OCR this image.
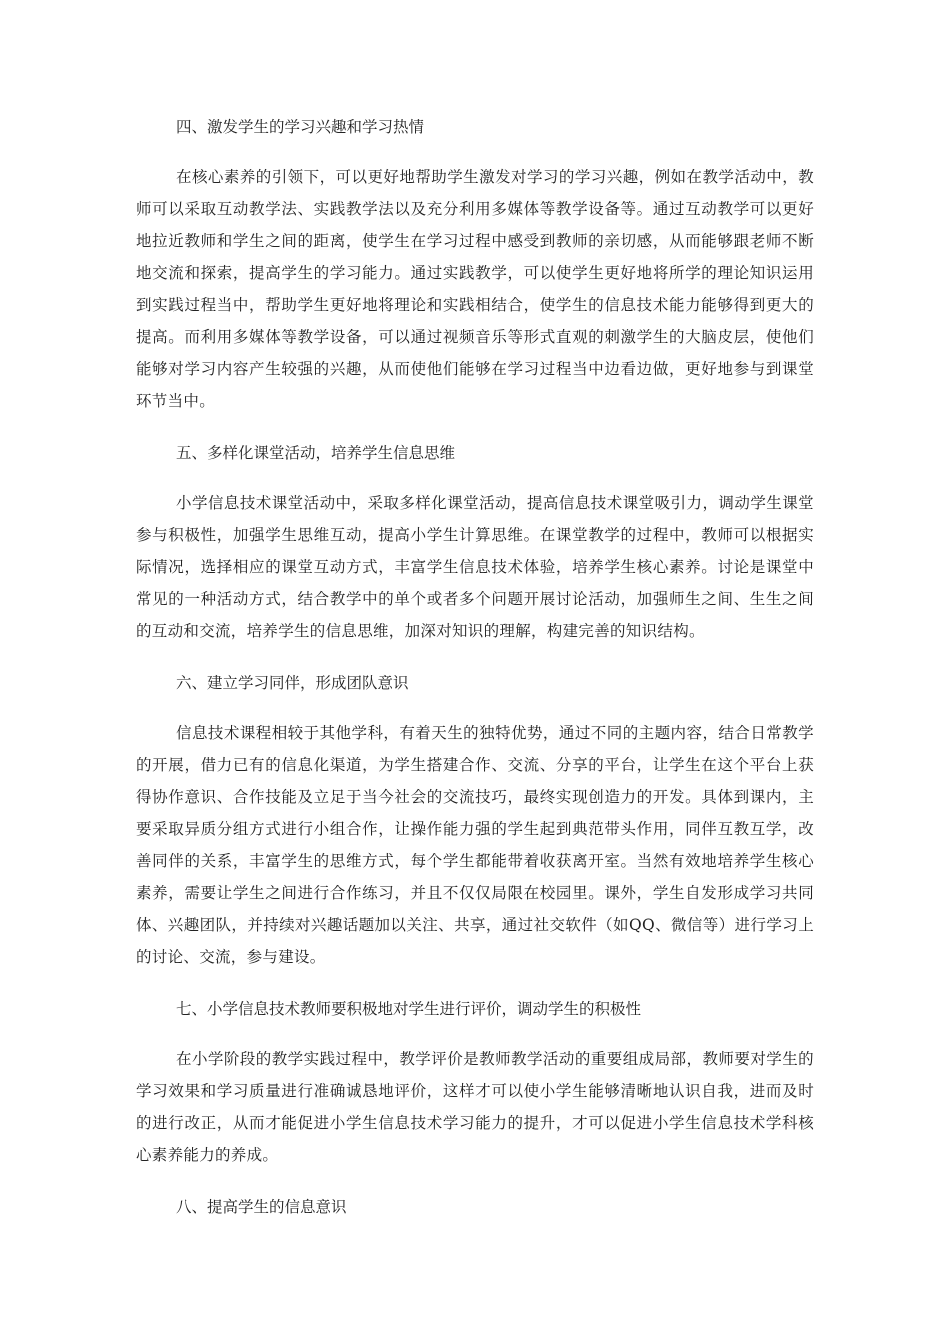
四、激发学生的学习兴趣和学习热情

在核心素养的引领下，可以更好地帮助学生激发对学习的学习兴趣，例如在教学活动中，教师可以采取互动教学法、实践教学法以及充分利用多媒体等教学设备等。通过互动教学可以更好地拉近教师和学生之间的距离，使学生在学习过程中感受到教师的亲切感，从而能够跟老师不断地交流和探索，提高学生的学习能力。通过实践教学，可以使学生更好地将所学的理论知识运用到实践过程当中，帮助学生更好地将理论和实践相结合，使学生的信息技术能力能够得到更大的提高。而利用多媒体等教学设备，可以通过视频音乐等形式直观的刺激学生的大脑皮层，使他们能够对学习内容产生较强的兴趣，从而使他们能够在学习过程当中边看边做，更好地参与到课堂环节当中。

五、多样化课堂活动，培养学生信息思维

小学信息技术课堂活动中，采取多样化课堂活动，提高信息技术课堂吸引力，调动学生课堂参与积极性，加强学生思维互动，提高小学生计算思维。在课堂教学的过程中，教师可以根据实际情况，选择相应的课堂互动方式，丰富学生信息技术体验，培养学生核心素养。讨论是课堂中常见的一种活动方式，结合教学中的单个或者多个问题开展讨论活动，加强师生之间、生生之间的互动和交流，培养学生的信息思维，加深对知识的理解，构建完善的知识结构。

六、建立学习同伴，形成团队意识

信息技术课程相较于其他学科，有着天生的独特优势，通过不同的主题内容，结合日常教学的开展，借力已有的信息化渠道，为学生搭建合作、交流、分享的平台，让学生在这个平台上获得协作意识、合作技能及立足于当今社会的交流技巧，最终实现创造力的开发。具体到课内，主要采取异质分组方式进行小组合作，让操作能力强的学生起到典范带头作用，同伴互教互学，改善同伴的关系，丰富学生的思维方式，每个学生都能带着收获离开室。当然有效地培养学生核心素养，需要让学生之间进行合作练习，并且不仅仅局限在校园里。课外，学生自发形成学习共同体、兴趣团队，并持续对兴趣话题加以关注、共享，通过社交软件（如QQ、微信等）进行学习上的讨论、交流，参与建设。

七、小学信息技术教师要积极地对学生进行评价，调动学生的积极性

在小学阶段的教学实践过程中，教学评价是教师教学活动的重要组成局部，教师要对学生的学习效果和学习质量进行准确诚恳地评价，这样才可以使小学生能够清晰地认识自我，进而及时的进行改正，从而才能促进小学生信息技术学习能力的提升，才可以促进小学生信息技术学科核心素养能力的养成。

八、提高学生的信息意识
